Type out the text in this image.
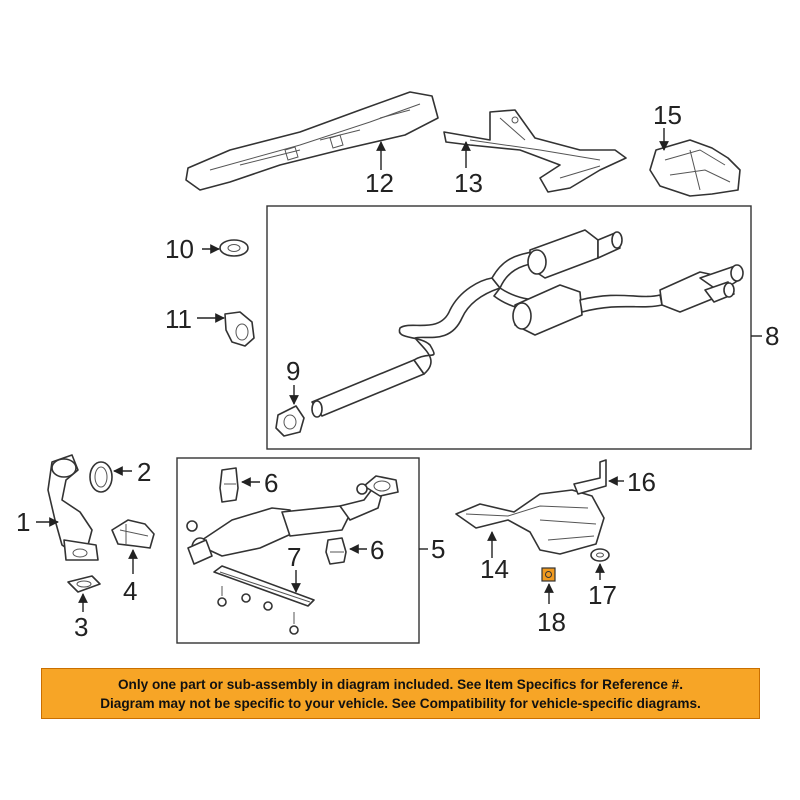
12 13
15
10
11
8
9
1
2
3
4
5
6
6
7	14
16
17
18

Only one part or sub-assembly in diagram included. See Item Specifics for Reference #.

Diagram may not be specific to your vehicle. See Compatibility for vehicle-specific diagrams.
